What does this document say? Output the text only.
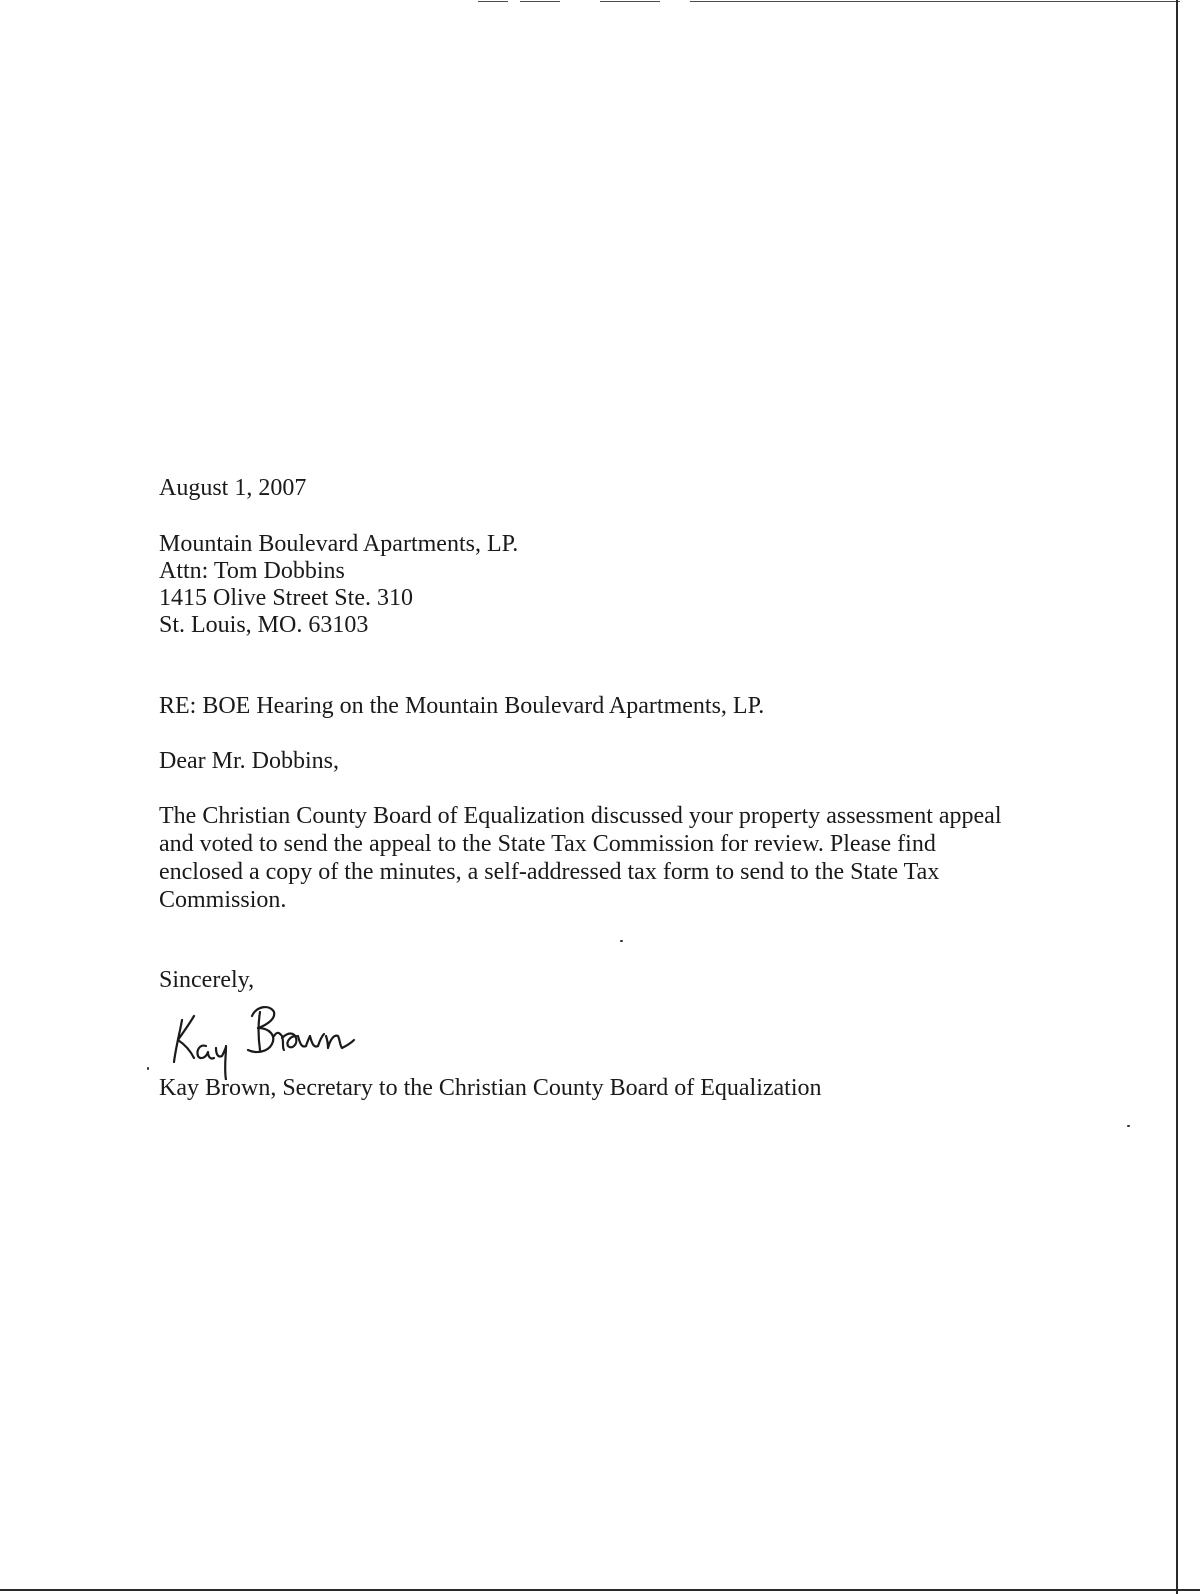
August 1, 2007
Mountain Boulevard Apartments, LP.
Attn: Tom Dobbins
1415 Olive Street Ste. 310
St. Louis, MO. 63103
RE: BOE Hearing on the Mountain Boulevard Apartments, LP.
Dear Mr. Dobbins,
The Christian County Board of Equalization discussed your property assessment appeal
and voted to send the appeal to the State Tax Commission for review. Please find
enclosed a copy of the minutes, a self-addressed tax form to send to the State Tax
Commission.
Sincerely,
Kay Brown, Secretary to the Christian County Board of Equalization
